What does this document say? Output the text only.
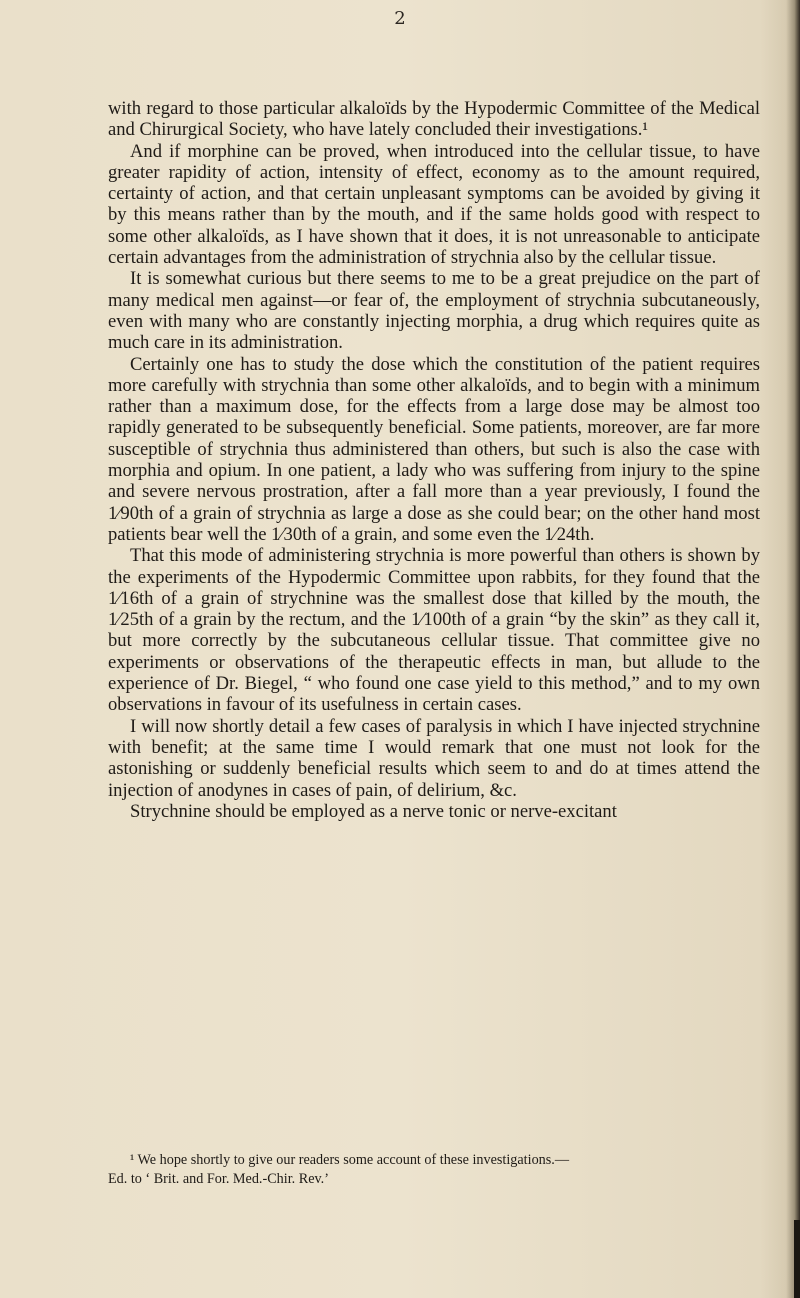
2

with regard to those particular alkaloïds by the Hypodermic Committee of the Medical and Chirurgical Society, who have lately concluded their investigations.¹

And if morphine can be proved, when introduced into the cellular tissue, to have greater rapidity of action, intensity of effect, economy as to the amount required, certainty of action, and that certain unpleasant symptoms can be avoided by giving it by this means rather than by the mouth, and if the same holds good with respect to some other alkaloïds, as I have shown that it does, it is not unreasonable to anticipate certain advantages from the administration of strychnia also by the cellular tissue.

It is somewhat curious but there seems to me to be a great prejudice on the part of many medical men against—or fear of, the employment of strychnia subcutaneously, even with many who are constantly injecting morphia, a drug which requires quite as much care in its administration.

Certainly one has to study the dose which the constitution of the patient requires more carefully with strychnia than some other alkaloïds, and to begin with a minimum rather than a maximum dose, for the effects from a large dose may be almost too rapidly generated to be subsequently beneficial. Some patients, moreover, are far more susceptible of strychnia thus administered than others, but such is also the case with morphia and opium. In one patient, a lady who was suffering from injury to the spine and severe nervous prostration, after a fall more than a year previously, I found the 1⁄90th of a grain of strychnia as large a dose as she could bear; on the other hand most patients bear well the 1⁄30th of a grain, and some even the 1⁄24th.

That this mode of administering strychnia is more powerful than others is shown by the experiments of the Hypodermic Committee upon rabbits, for they found that the 1⁄16th of a grain of strychnine was the smallest dose that killed by the mouth, the 1⁄25th of a grain by the rectum, and the 1⁄100th of a grain “by the skin” as they call it, but more correctly by the subcutaneous cellular tissue. That committee give no experiments or observations of the therapeutic effects in man, but allude to the experience of Dr. Biegel, “ who found one case yield to this method,” and to my own observations in favour of its usefulness in certain cases.

I will now shortly detail a few cases of paralysis in which I have injected strychnine with benefit; at the same time I would remark that one must not look for the astonishing or suddenly beneficial results which seem to and do at times attend the injection of anodynes in cases of pain, of delirium, &c.

Strychnine should be employed as a nerve tonic or nerve-excitant

¹ We hope shortly to give our readers some account of these investigations.—
Ed. to ‘ Brit. and For. Med.-Chir. Rev.’
